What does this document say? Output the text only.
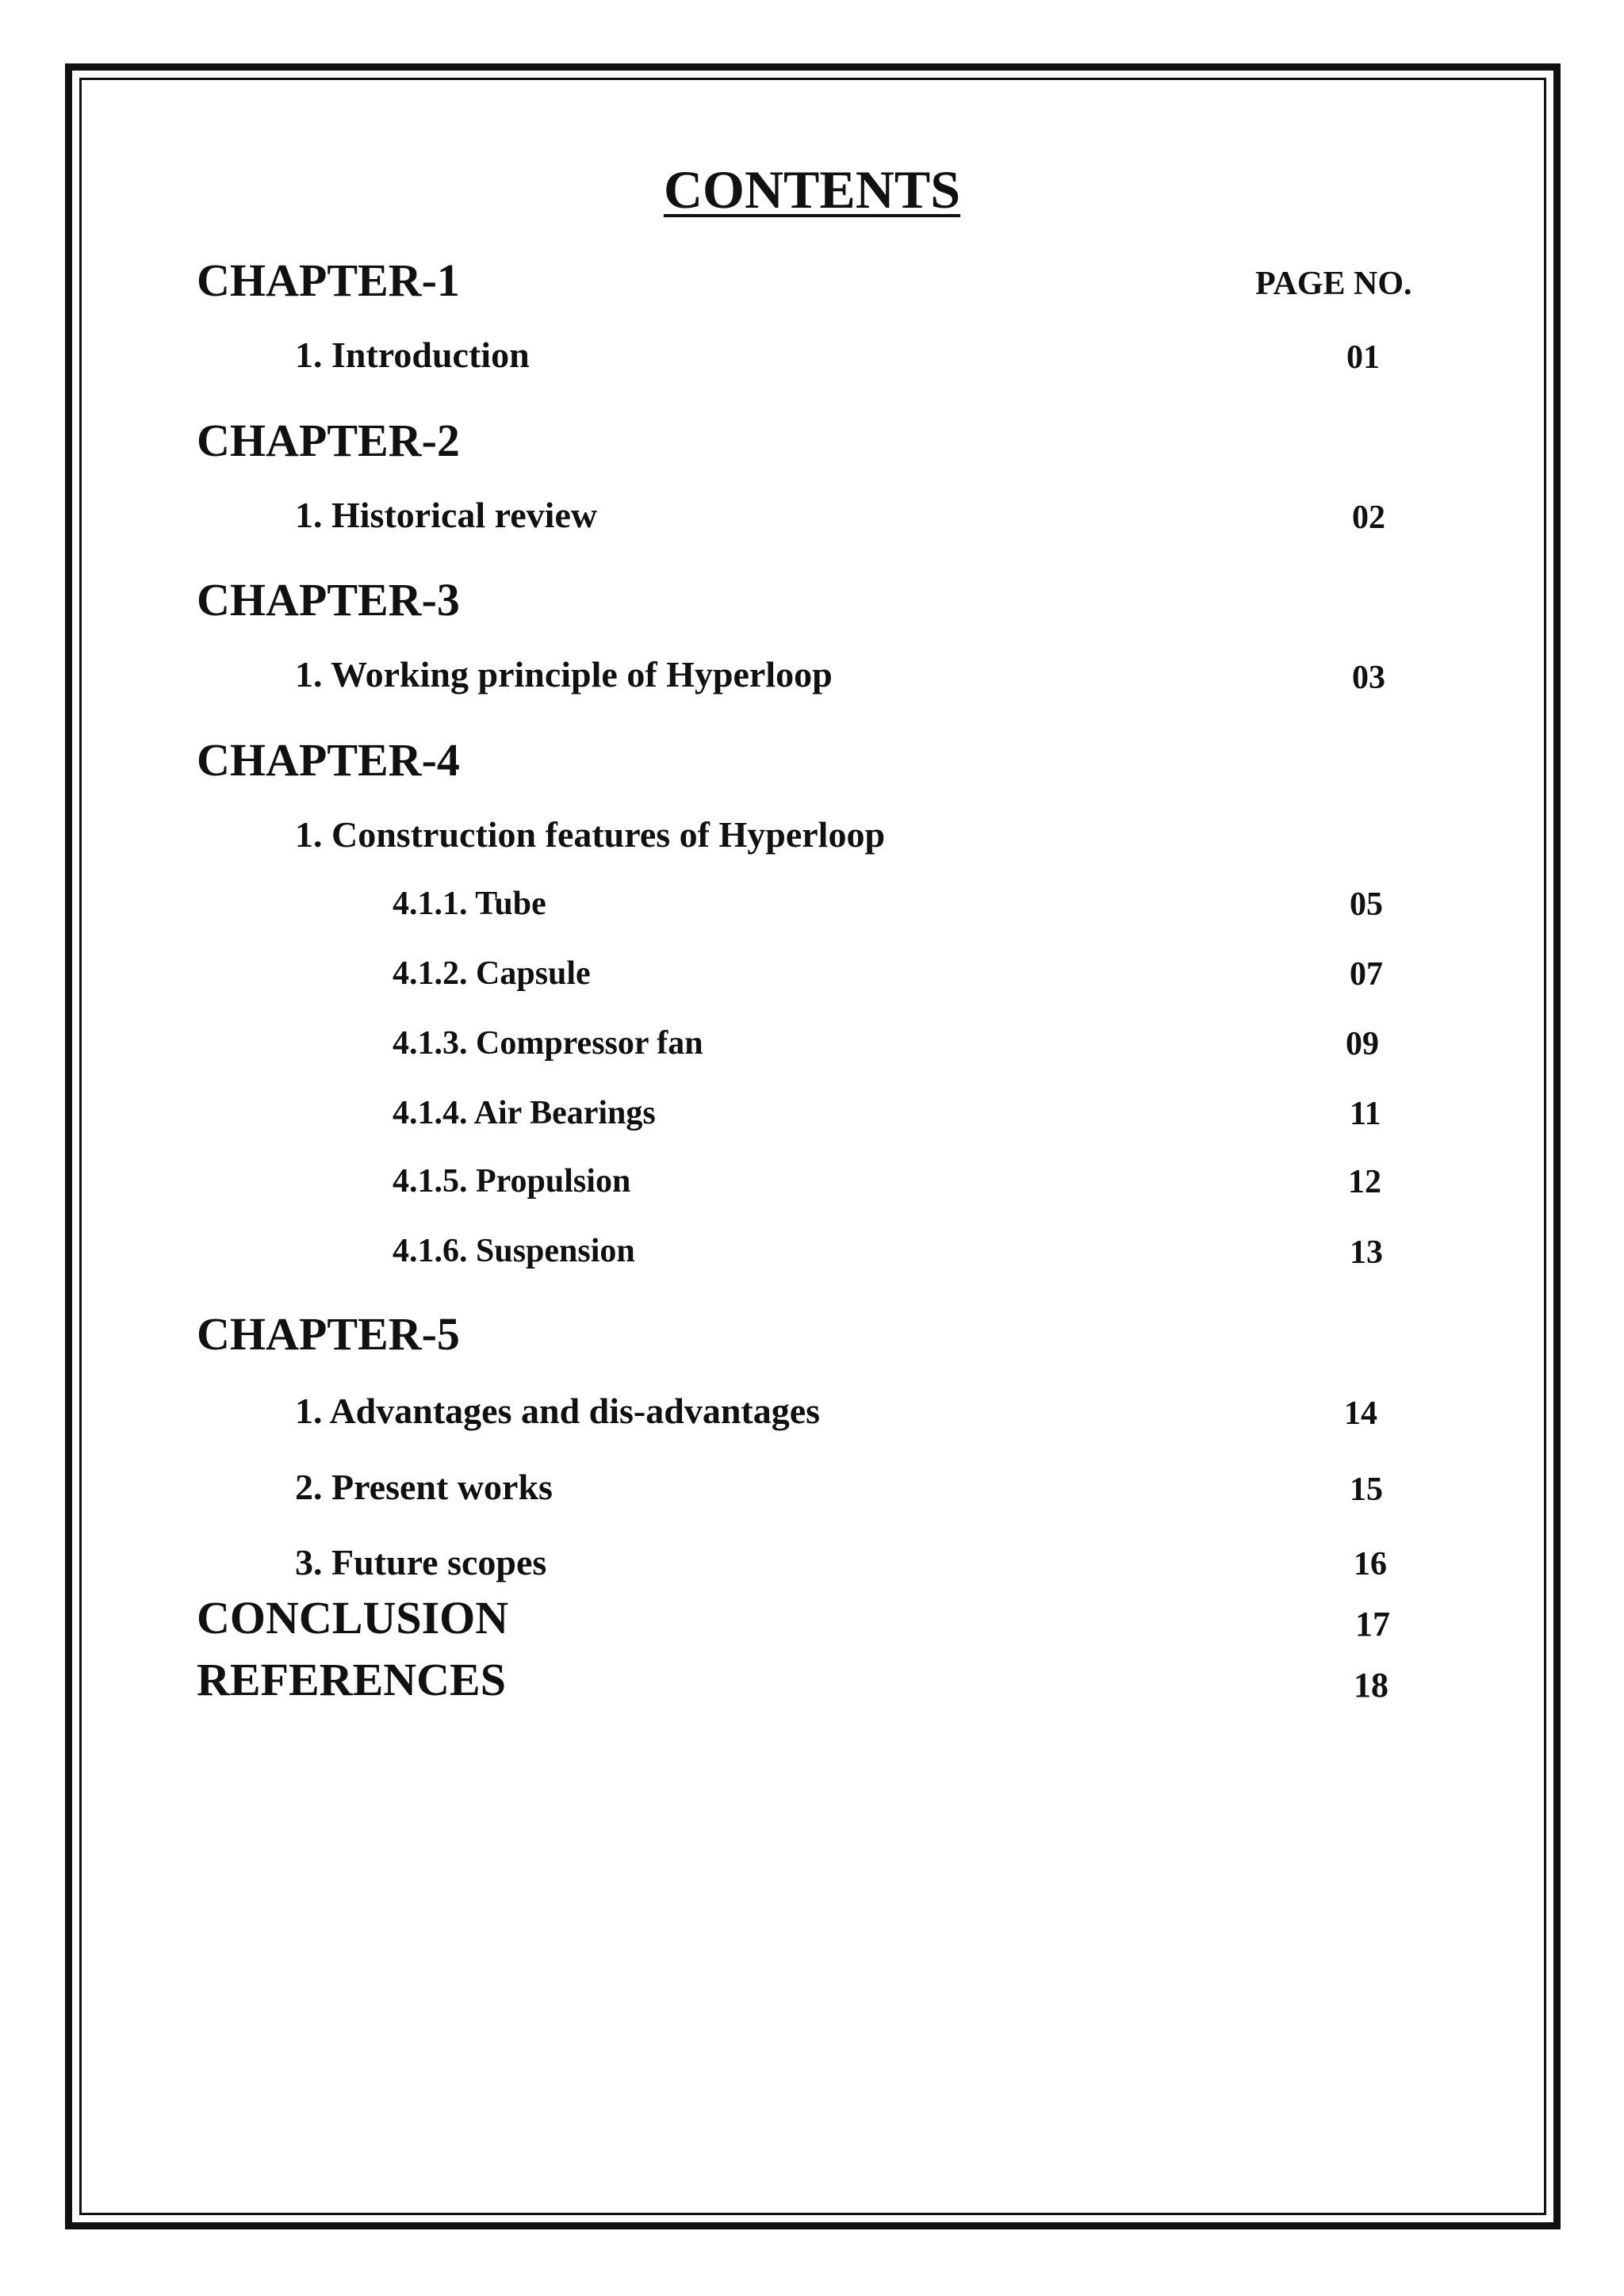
CONTENTS
CHAPTER-1	PAGE NO.
1. Introduction	01
CHAPTER-2
1. Historical review	02
CHAPTER-3
1. Working principle of Hyperloop	03
CHAPTER-4
1. Construction features of Hyperloop
4.1.1. Tube	05
4.1.2. Capsule	07
4.1.3. Compressor fan	09
4.1.4. Air Bearings	11
4.1.5. Propulsion	12
4.1.6. Suspension	13
CHAPTER-5
1. Advantages and dis-advantages	14
2. Present works	15
3. Future scopes	16
CONCLUSION	17
REFERENCES	18
